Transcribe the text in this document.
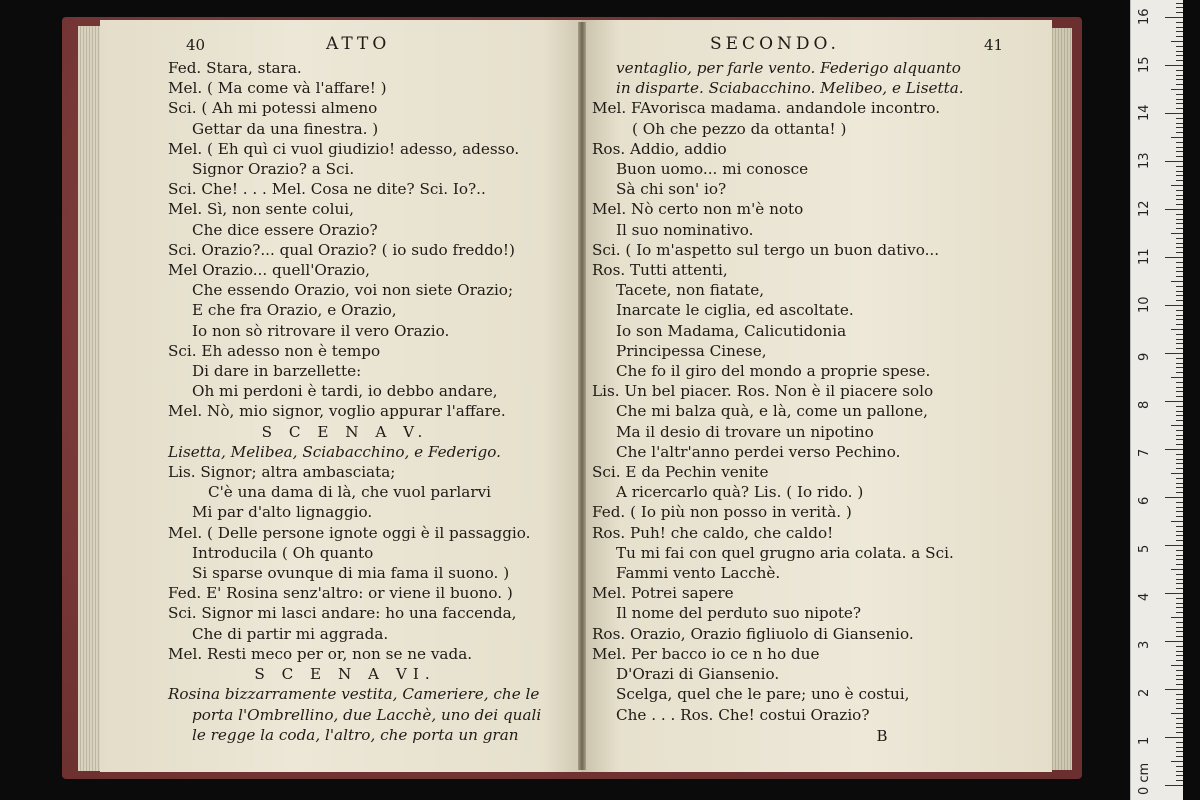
40	ATTO
Fed. Stara, stara.
Mel. ( Ma come và l'affare! )
Sci. ( Ah mi potessi almeno
Gettar da una finestra. )
Mel. ( Eh quì ci vuol giudizio! adesso, adesso.
Signor Orazio? a Sci.
Sci. Che! . . . Mel. Cosa ne dite? Sci. Io?..
Mel. Sì, non sente colui,
Che dice essere Orazio?
Sci. Orazio?... qual Orazio? ( io sudo freddo!)
Mel Orazio... quell'Orazio,
Che essendo Orazio, voi non siete Orazio;
E che fra Orazio, e Orazio,
Io non sò ritrovare il vero Orazio.
Sci. Eh adesso non è tempo
Di dare in barzellette:
Oh mi perdoni è tardi, io debbo andare,
Mel. Nò, mio signor, voglio appurar l'affare.
S C E N A V.
Lisetta, Melibea, Sciabacchino, e Federigo.
Lis. Signor; altra ambasciata;
C'è una dama di là, che vuol parlarvi
Mi par d'alto lignaggio.
Mel. ( Delle persone ignote oggi è il passaggio.
Introducila ( Oh quanto
Si sparse ovunque di mia fama il suono. )
Fed. E' Rosina senz'altro: or viene il buono. )
Sci. Signor mi lasci andare: ho una faccenda,
Che di partir mi aggrada.
Mel. Resti meco per or, non se ne vada.
S C E N A VI.
Rosina bizzarramente vestita, Cameriere, che le
porta l'Ombrellino, due Lacchè, uno dei quali
le regge la coda, l'altro, che porta un gran
SECONDO.	41
ventaglio, per farle vento. Federigo alquanto
in disparte. Sciabacchino. Melibeo, e Lisetta.
Mel. FAvorisca madama. andandole incontro.
( Oh che pezzo da ottanta! )
Ros. Addio, addio
Buon uomo... mi conosce
Sà chi son' io?
Mel. Nò certo non m'è noto
Il suo nominativo.
Sci. ( Io m'aspetto sul tergo un buon dativo...
Ros. Tutti attenti,
Tacete, non fiatate,
Inarcate le ciglia, ed ascoltate.
Io son Madama, Calicutidonia
Principessa Cinese,
Che fo il giro del mondo a proprie spese.
Lis. Un bel piacer. Ros. Non è il piacere solo
Che mi balza quà, e là, come un pallone,
Ma il desio di trovare un nipotino
Che l'altr'anno perdei verso Pechino.
Sci. E da Pechin venite
A ricercarlo quà? Lis. ( Io rido. )
Fed. ( Io più non posso in verità. )
Ros. Puh! che caldo, che caldo!
Tu mi fai con quel grugno aria colata. a Sci.
Fammi vento Lacchè.
Mel. Potrei sapere
Il nome del perduto suo nipote?
Ros. Orazio, Orazio figliuolo di Giansenio.
Mel. Per bacco io ce n ho due
D'Orazi di Giansenio.
Scelga, quel che le pare; uno è costui,
Che . . . Ros. Che! costui Orazio?
B	1
2
3
4
5
6
7
8
9
10
11
12
13
14
15
16
0 cm
